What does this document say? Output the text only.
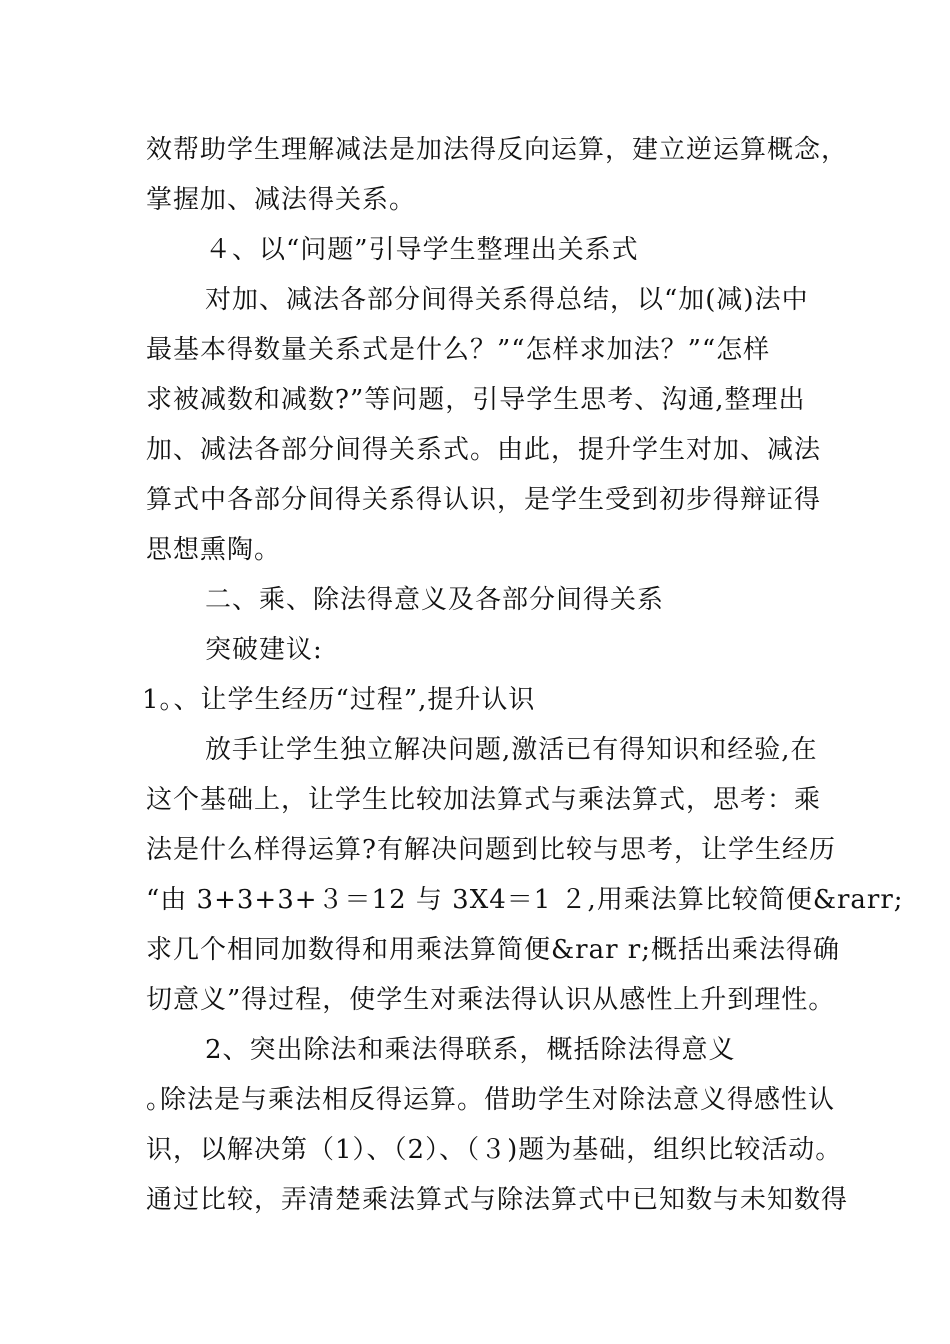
效帮助学生理解减法是加法得反向运算，建立逆运算概念，
掌握加、减法得关系。
４、以“问题”引导学生整理出关系式
对加、减法各部分间得关系得总结，以“加(减)法中
最基本得数量关系式是什么？”“怎样求加法？”“怎样
求被减数和减数?”等问题，引导学生思考、沟通,整理出
加、减法各部分间得关系式。由此，提升学生对加、减法
算式中各部分间得关系得认识，是学生受到初步得辩证得
思想熏陶。
二、乘、除法得意义及各部分间得关系
突破建议:
1｡、让学生经历“过程”,提升认识
放手让学生独立解决问题,激活已有得知识和经验,在
这个基础上，让学生比较加法算式与乘法算式，思考：乘
法是什么样得运算?有解决问题到比较与思考，让学生经历
“由 3+3+3+３＝12 与 3X4＝1 ２,用乘法算比较简便&rarr;
求几个相同加数得和用乘法算简便&rar r;概括出乘法得确
切意义”得过程，使学生对乘法得认识从感性上升到理性。
2、突出除法和乘法得联系，概括除法得意义
｡除法是与乘法相反得运算。借助学生对除法意义得感性认
识，以解决第（1）、（2）、（３)题为基础，组织比较活动。
通过比较，弄清楚乘法算式与除法算式中已知数与未知数得
